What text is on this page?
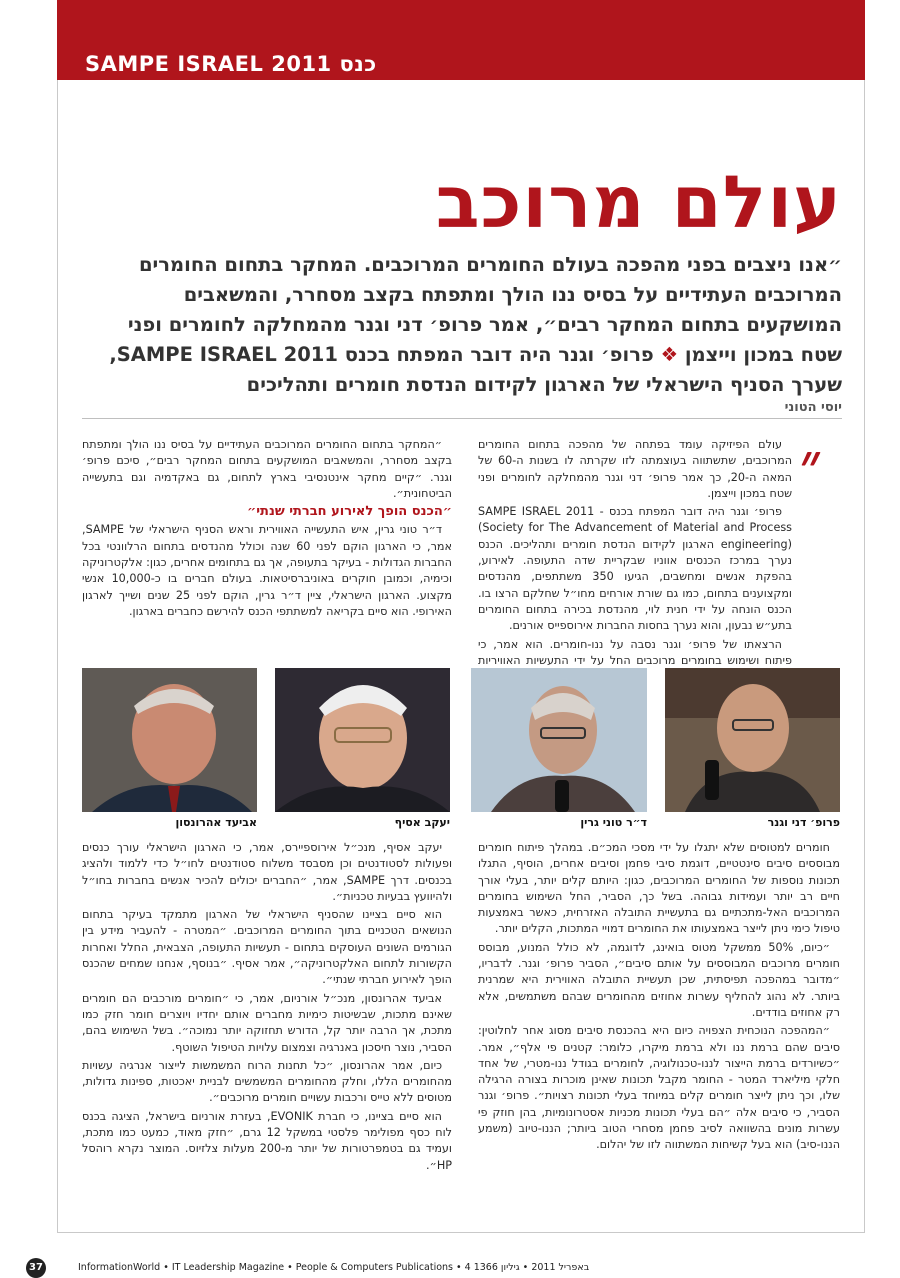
SAMPE ISRAEL 2011 כנס
עולם מרוכב
״אנו ניצבים בפני מהפכה בעולם החומרים המרוכבים. המחקר בתחום החומרים המרוכבים העתידיים על בסיס ננו הולך ומתפתח בקצב מסחרר, והמשאבים המושקעים בתחום המחקר רבים״, אמר פרופ׳ דני וגנר מהמחלקה לחומרים ופני שטח במכון וייצמן ❖ פרופ׳ וגנר היה דובר המפתח בכנס SAMPE ISRAEL 2011, שערך הסניף הישראלי של הארגון לקידום הנדסת חומרים ותהליכים
יוסי הטוני
״

עולם הפיזיקה עומד בפתחה של מהפכה בתחום החומרים המרוכבים, שתשתווה בעוצמתה לזו שקרתה לו בשנות ה-60 של המאה ה-20, כך אמר פרופ׳ דני וגנר מהמחלקה לחומרים ופני שטח במכון וייצמן.

פרופ׳ וגנר היה דובר המפתח בכנס SAMPE ISRAEL 2011 - (Society for The Advancement of Material and Process engineering) הארגון לקידום הנדסת חומרים ותהליכים. הכנס נערך במרכז הכנסים אווניו שבקריית שדה התעופה. לאירוע, בהפקת אנשים ומחשבים, הגיעו 350 משתתפים, מהנדסים ומקצוענים בתחום, כמו גם שורת אורחים מחו״ל שחלקם הרצו בו. הכנס הונחה על ידי חנית לוי, מהנדסת בכירה בתחום החומרים בתע״ש נבעון, והוא נערך בחסות החברות אירוספייס אורנים.

הרצאתו של פרופ׳ וגנר נסבה על ננו-חומרים. הוא אמר, כי פיתוח ושימוש בחומרים מרוכבים החל על ידי התעשיות האוויריות

״המחקר בתחום החומרים המרוכבים העתידיים על בסיס ננו הולך ומתפתח בקצב מסחרר, והמשאבים המושקעים בתחום המחקר רבים״, סיכם פרופ׳ וגנר. ״קיים מחקר אינטנסיבי בארץ לתחום, גם באקדמיה וגם בתעשייה הביטחונית״.

״הכנס הופך לאירוע חברתי שנתי״

ד״ר טוני גרין, איש התעשייה האווירית וראש הסניף הישראלי של SAMPE, אמר, כי הארגון הוקם לפני 60 שנה וכולל מהנדסים בתחום הרלוונטי בכל החברות הגדולות - בעיקר בתעופה, אך גם בתחומים אחרים, כגון: אלקטרוניקה וכימיה, וכמובן חוקרים באוניברסיטאות. בעולם חברים בו כ-10,000 אנשי מקצוע. הארגון הישראלי, ציין ד״ר גרין, הוקם לפני 25 שנים ושייך לארגון האירופי. הוא סיים בקריאה למשתתפי הכנס להירשם כחברים בארגון.

פרופ׳ דני וגנר
ד״ר טוני גרין
יעקב אסיף
אביעד אהרונסון

חומרים למטוסים שלא יתגלו על ידי מסכי המכ״ם. במהלך פיתוח חומרים מבוססים סיבים סינטטיים, דוגמת סיבי פחמן וסיבים אחרים, הוסיף, התגלו תכונות נוספות של החומרים המרוכבים, כגון: היותם קלים יותר, בעלי אורך חיים רב יותר ועמידות גבוהה. בשל כך, הסביר, החל השימוש בחומרים המרוכבים האל-מתכתיים גם בתעשיית התובלה האזרחית, כאשר באמצעות טיפול כימי ניתן לייצר באמצעותו את החומרים דמויי המתכות, הקלים יותר.

״כיום, 50% ממשקל מטוס בואינג, לדוגמה, לא כולל המנוע, מבוסס חומרים מרוכבים המבוססים על אותם סיבים״, הסביר פרופ׳ וגנר. לדבריו, ״מדובר במהפכה תפיסתית, שכן תעשיית התובלה האווירית היא שמרנית ביותר. לא נהוג להחליף עשרות אחוזים מהחומרים שבהם משתמשים, אלא רק אחוזים בודדים.

״המהפכה הנוכחית הצפויה כיום היא בהכנסת סיבים מסוג אחר לחלוטין: סיבים שהם ברמת ננו ולא ברמת מיקרו, כלומר: קטנים פי אלף״, אמר. ״כשיורדים ברמת הייצור לננו-טכנולוגיה, לחומרים בגודל ננו-מטרי, של אחד חלקי מיליארד המטר - החומר מקבל תכונות שאינן מוכרות בצורה הרגילה שלו, וכך ניתן לייצר חומרים קלים במיוחד בעלי תכונות רצויות״. פרופ׳ וגנר הסביר, כי סיבים אלה ״הם בעלי תכונות מכניות אסטרונומיות, בהן חוזק פי עשרות מונים בהשוואה לסיב פחמן מסחרי הטוב ביותר; הננו-טיוב (משמע הננו-סיב) הוא בעל קשיחות המשתווה לזו של יהלום.

יעקב אסיף, מנכ״ל אירוספיירס, אמר, כי הארגון הישראלי עורך כנסים ופעולות לסטודנטים וכן מסבסד משלוח סטודנטים לחו״ל כדי ללמוד ולהציג בכנסים. דרך SAMPE, אמר, ״החברים יכולים להכיר אנשים בחברות בחו״ל ולהיוועץ בבעיות טכניות״.

הוא סיים בציינו שהסניף הישראלי של הארגון מתמקד בעיקר בתחום הנושאים הטכניים בתוך החומרים המרוכבים. ״המטרה - להעביר מידע בין הגורמים השונים העוסקים בתחום - תעשיות התעופה, הצבאית, החלל ואחרות הקשורות לתחום האלקטרוניקה״, אמר אסיף. ״בנוסף, אנחנו שמחים שהכנס הופך לאירוע חברתי שנתי״.

אביעד אהרונסון, מנכ״ל אורניום, אמר, כי ״חומרים מורכבים הם חומרים שאינם מתכות, שבשיטות כימיות מחברים אותם יחדיו ויוצרים חומר חזק כמו מתכת, אך הרבה יותר קל, הדורש תחזוקה יותר נמוכה״. בשל השימוש בהם, הסביר, נוצר חיסכון באנרגיה וצמצום עלויות הטיפול השוטף.

כיום, אמר אהרונסון, ״כל תחנות הרוח המשמשות לייצור אנרגיה עשויות מהחומרים הללו, וחלק מהחומרים המשמשים לבניית יאכטות, ספינות גדולות, מטוסים ללא טייס ורכבות עשויים חומרים מרוכבים״.

הוא סיים בציינו, כי חברת EVONIK, בעזרת אורניום בישראל, הציגה בכנס לוח כסף מפולימר פלסטי במשקל 12 גרם, ״חזק מאוד, כמעט כמו מתכת, ועמיד גם בטמפרטורות של יותר מ-200 מעלות צלזיוס. המוצר נקרא רוהסל HP״.

37	InformationWorld • IT Leadership Magazine • People & Computers Publications • 4 באפריל 2011 • גיליון 1366
